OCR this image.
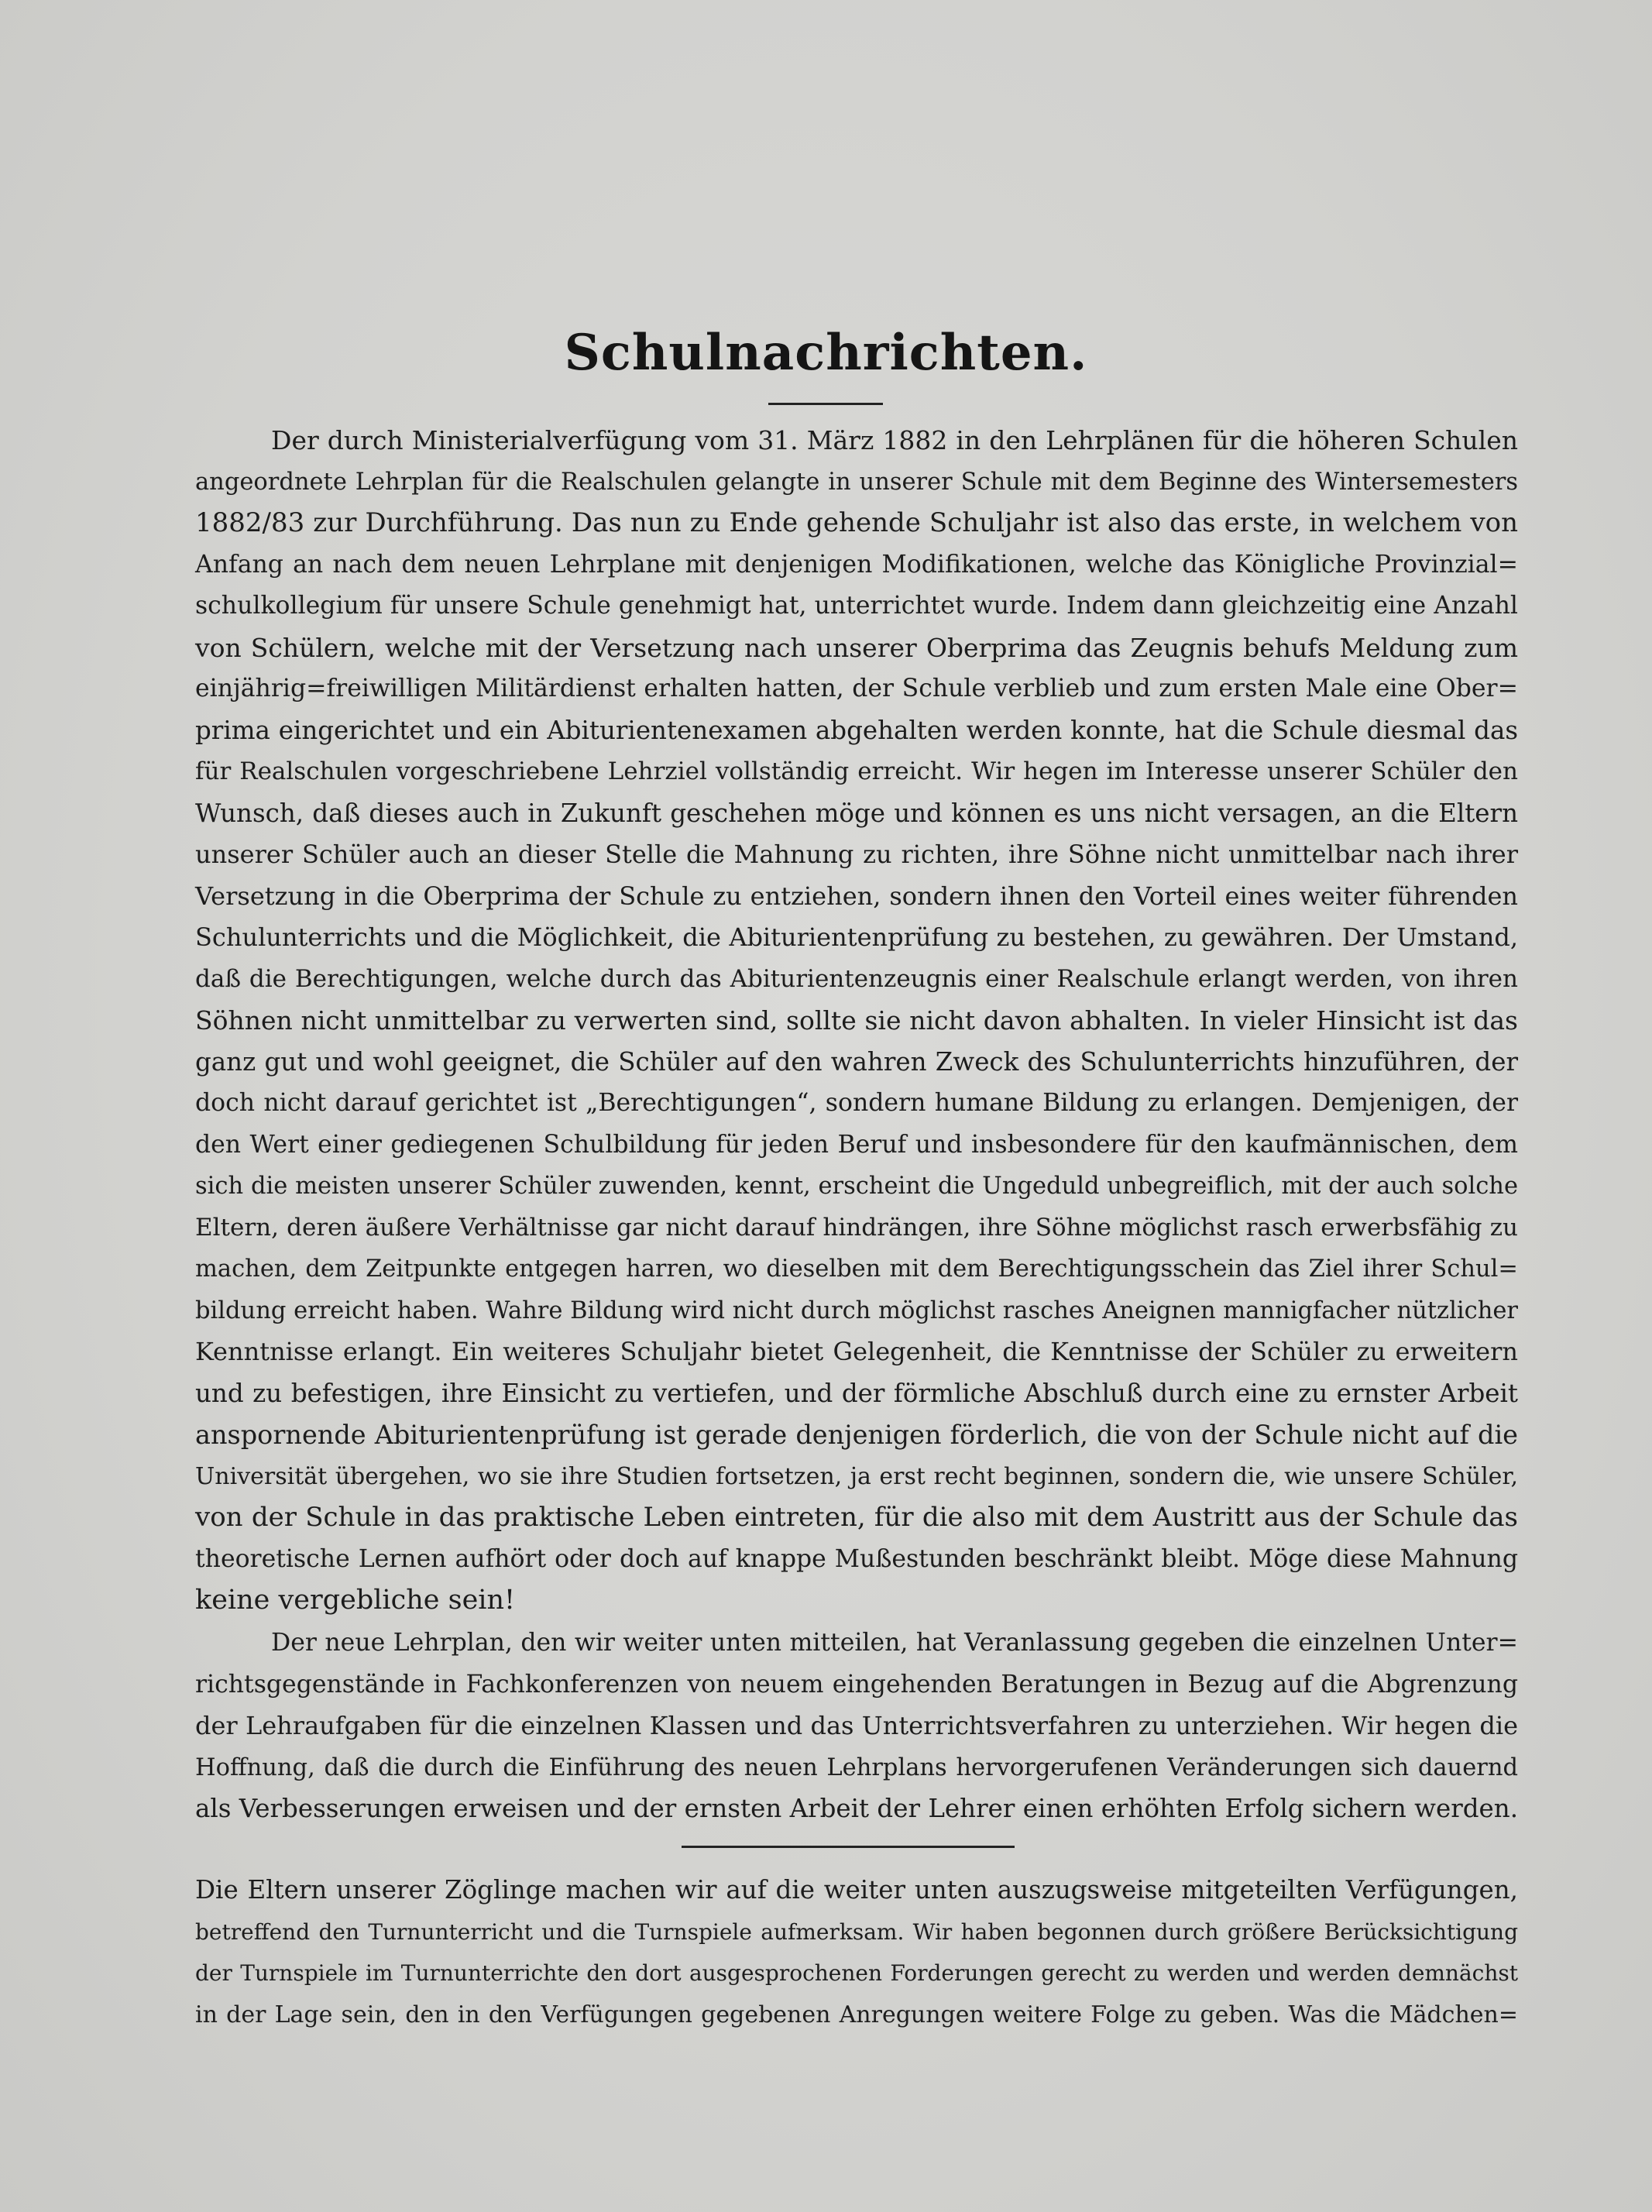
Schulnachrichten.
Der durch Ministerialverfügung vom 31. März 1882 in den Lehrplänen für die höheren Schulen
angeordnete Lehrplan für die Realschulen gelangte in unserer Schule mit dem Beginne des Wintersemesters
1882/83 zur Durchführung. Das nun zu Ende gehende Schuljahr ist also das erste, in welchem von
Anfang an nach dem neuen Lehrplane mit denjenigen Modifikationen, welche das Königliche Provinzial=
schulkollegium für unsere Schule genehmigt hat, unterrichtet wurde. Indem dann gleichzeitig eine Anzahl
von Schülern, welche mit der Versetzung nach unserer Oberprima das Zeugnis behufs Meldung zum
einjährig=freiwilligen Militärdienst erhalten hatten, der Schule verblieb und zum ersten Male eine Ober=
prima eingerichtet und ein Abiturientenexamen abgehalten werden konnte, hat die Schule diesmal das
für Realschulen vorgeschriebene Lehrziel vollständig erreicht. Wir hegen im Interesse unserer Schüler den
Wunsch, daß dieses auch in Zukunft geschehen möge und können es uns nicht versagen, an die Eltern
unserer Schüler auch an dieser Stelle die Mahnung zu richten, ihre Söhne nicht unmittelbar nach ihrer
Versetzung in die Oberprima der Schule zu entziehen, sondern ihnen den Vorteil eines weiter führenden
Schulunterrichts und die Möglichkeit, die Abiturientenprüfung zu bestehen, zu gewähren. Der Umstand,
daß die Berechtigungen, welche durch das Abiturientenzeugnis einer Realschule erlangt werden, von ihren
Söhnen nicht unmittelbar zu verwerten sind, sollte sie nicht davon abhalten. In vieler Hinsicht ist das
ganz gut und wohl geeignet, die Schüler auf den wahren Zweck des Schulunterrichts hinzuführen, der
doch nicht darauf gerichtet ist „Berechtigungen“, sondern humane Bildung zu erlangen. Demjenigen, der
den Wert einer gediegenen Schulbildung für jeden Beruf und insbesondere für den kaufmännischen, dem
sich die meisten unserer Schüler zuwenden, kennt, erscheint die Ungeduld unbegreiflich, mit der auch solche
Eltern, deren äußere Verhältnisse gar nicht darauf hindrängen, ihre Söhne möglichst rasch erwerbsfähig zu
machen, dem Zeitpunkte entgegen harren, wo dieselben mit dem Berechtigungsschein das Ziel ihrer Schul=
bildung erreicht haben. Wahre Bildung wird nicht durch möglichst rasches Aneignen mannigfacher nützlicher
Kenntnisse erlangt. Ein weiteres Schuljahr bietet Gelegenheit, die Kenntnisse der Schüler zu erweitern
und zu befestigen, ihre Einsicht zu vertiefen, und der förmliche Abschluß durch eine zu ernster Arbeit
anspornende Abiturientenprüfung ist gerade denjenigen förderlich, die von der Schule nicht auf die
Universität übergehen, wo sie ihre Studien fortsetzen, ja erst recht beginnen, sondern die, wie unsere Schüler,
von der Schule in das praktische Leben eintreten, für die also mit dem Austritt aus der Schule das
theoretische Lernen aufhört oder doch auf knappe Mußestunden beschränkt bleibt. Möge diese Mahnung
keine vergebliche sein!
Der neue Lehrplan, den wir weiter unten mitteilen, hat Veranlassung gegeben die einzelnen Unter=
richtsgegenstände in Fachkonferenzen von neuem eingehenden Beratungen in Bezug auf die Abgrenzung
der Lehraufgaben für die einzelnen Klassen und das Unterrichtsverfahren zu unterziehen. Wir hegen die
Hoffnung, daß die durch die Einführung des neuen Lehrplans hervorgerufenen Veränderungen sich dauernd
als Verbesserungen erweisen und der ernsten Arbeit der Lehrer einen erhöhten Erfolg sichern werden.
Die Eltern unserer Zöglinge machen wir auf die weiter unten auszugsweise mitgeteilten Verfügungen,
betreffend den Turnunterricht und die Turnspiele aufmerksam. Wir haben begonnen durch größere Berücksichtigung
der Turnspiele im Turnunterrichte den dort ausgesprochenen Forderungen gerecht zu werden und werden demnächst
in der Lage sein, den in den Verfügungen gegebenen Anregungen weitere Folge zu geben. Was die Mädchen=
